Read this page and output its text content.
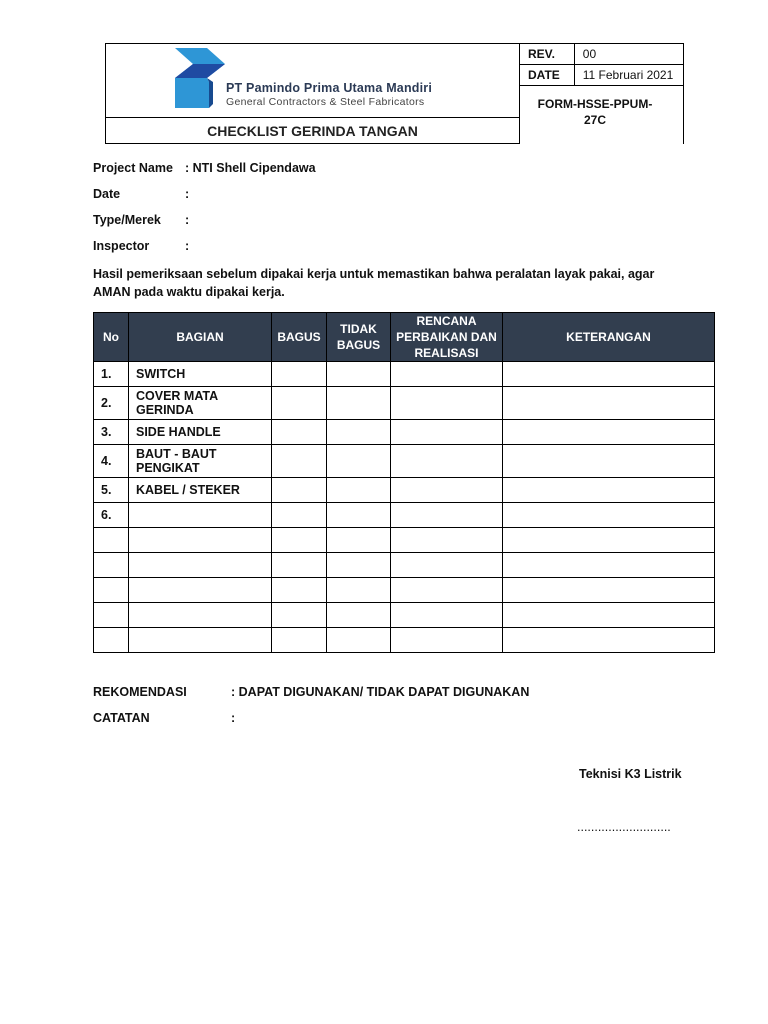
PT Pamindo Prima Utama Mandiri
General Contractors & Steel Fabricators
CHECKLIST GERINDA TANGAN
REV.	00
DATE	11 Februari 2021
FORM-HSSE-PPUM-27C
Project Name : NTI Shell Cipendawa
Date	:
Type/Merek :
Inspector	:
Hasil pemeriksaan sebelum dipakai kerja untuk memastikan bahwa peralatan layak pakai, agar AMAN pada waktu dipakai kerja.
No	BAGIAN	BAGUS	TIDAK BAGUS	RENCANA PERBAIKAN DAN REALISASI	KETERANGAN
1.	SWITCH				
2.	COVER MATA GERINDA				
3.	SIDE HANDLE				
4.	BAUT - BAUT PENGIKAT				
5.	KABEL / STEKER				
6.					

REKOMENDASI	: DAPAT DIGUNAKAN/ TIDAK DAPAT DIGUNAKAN
CATATAN	:
Teknisi K3 Listrik
...........................
